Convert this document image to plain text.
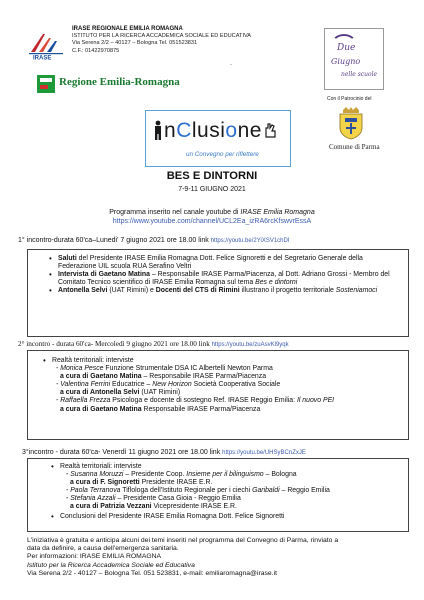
IRASE
IRASE REGIONALE EMILIA ROMAGNA
ISTITUTO PER LA RICERCA ACCADEMICA SOCIALE ED EDUCATIVA
Via Serena 2/2 – 40127 – Bologna Tel. 051523831
C.F.: 01422970875	Due
Giugno
nelle scuole
.
Regione Emilia-Romagna
Con il Patrocinio del
Comune di Parma
nClusione
un Convegno per riflettere
BES E DINTORNI
7-9-11 GIUGNO 2021
Programma inserito nel canale youtube di IRASE Emilia Romagna
https://www.youtube.com/channel/UCL2Ea_izRA6rcKfswvrEssA
1° incontro-durata 60'ca–Lunedi' 7 giugno 2021 ore 18.00 link https://youtu.be/2YiXSV1chDI
• Saluti del Presidente IRASE Emilia Romagna Dott. Felice Signoretti e del Segretario Generale della Federazione UIL scuola RUA Serafino Veltri
• Intervista di Gaetano Matina – Responsabile IRASE Parma/Piacenza, al Dott. Adriano Grossi - Membro del Comitato Tecnico scientifico di IRASE Emilia Romagna sul tema Bes e dintorni
• Antonella Selvi (UAT Rimini) e Docenti del CTS di Rimini illustrano il progetto territoriale Sosteniamoci
2° incontro - durata 60'ca- Mercoledì 9 giugno 2021 ore 18.00 link https://youtu.be/zuAsvKl9yqk
• Realtà territoriali: interviste
- Monica Pesce Funzione Strumentale DSA IC Albertelli Newton Parma
a cura di Gaetano Matina – Responsabile IRASE Parma/Piacenza
- Valentina Ferrini Educatrice – New Horizon Società Cooperativa Sociale
a cura di Antonella Selvi (UAT Rimini)
- Raffaella Frezza Psicologa e docente di sostegno Ref. IRASE Reggio Emilia: Il nuovo PEI
a cura di Gaetano Matina Responsabile IRASE Parma/Piacenza
3°incontro - durata 60'ca- Venerdì 11 giugno 2021 ore 18.00 link https://youtu.be/UHSyBCnZxJE
• Realtà territoriali: interviste
- Susanna Moruzzi – Presidente Coop. Insieme per il bilinguismo – Bologna
a cura di F. Signoretti Presidente IRASE E.R.
- Paola Terranova Tiflologa dell'Istituto Regionale per i ciechi Garibaldi – Reggio Emilia
- Stefania Azzali – Presidente Casa Gioia - Reggio Emilia
a cura di Patrizia Vezzani Vicepresidente IRASE E.R.
• Conclusioni del Presidente IRASE Emilia Romagna Dott. Felice Signoretti
L'iniziativa è gratuita e anticipa alcuni dei temi inseriti nel programma del Convegno di Parma, rinviato a
data da definire, a causa dell'emergenza sanitaria.
Per informazioni: IRASE EMILIA ROMAGNA
Istituto per la Ricerca Accademica Sociale ed Educativa
Via Serena 2/2 - 40127 – Bologna Tel. 051 523831, e-mail: emiliaromagna@irase.it
